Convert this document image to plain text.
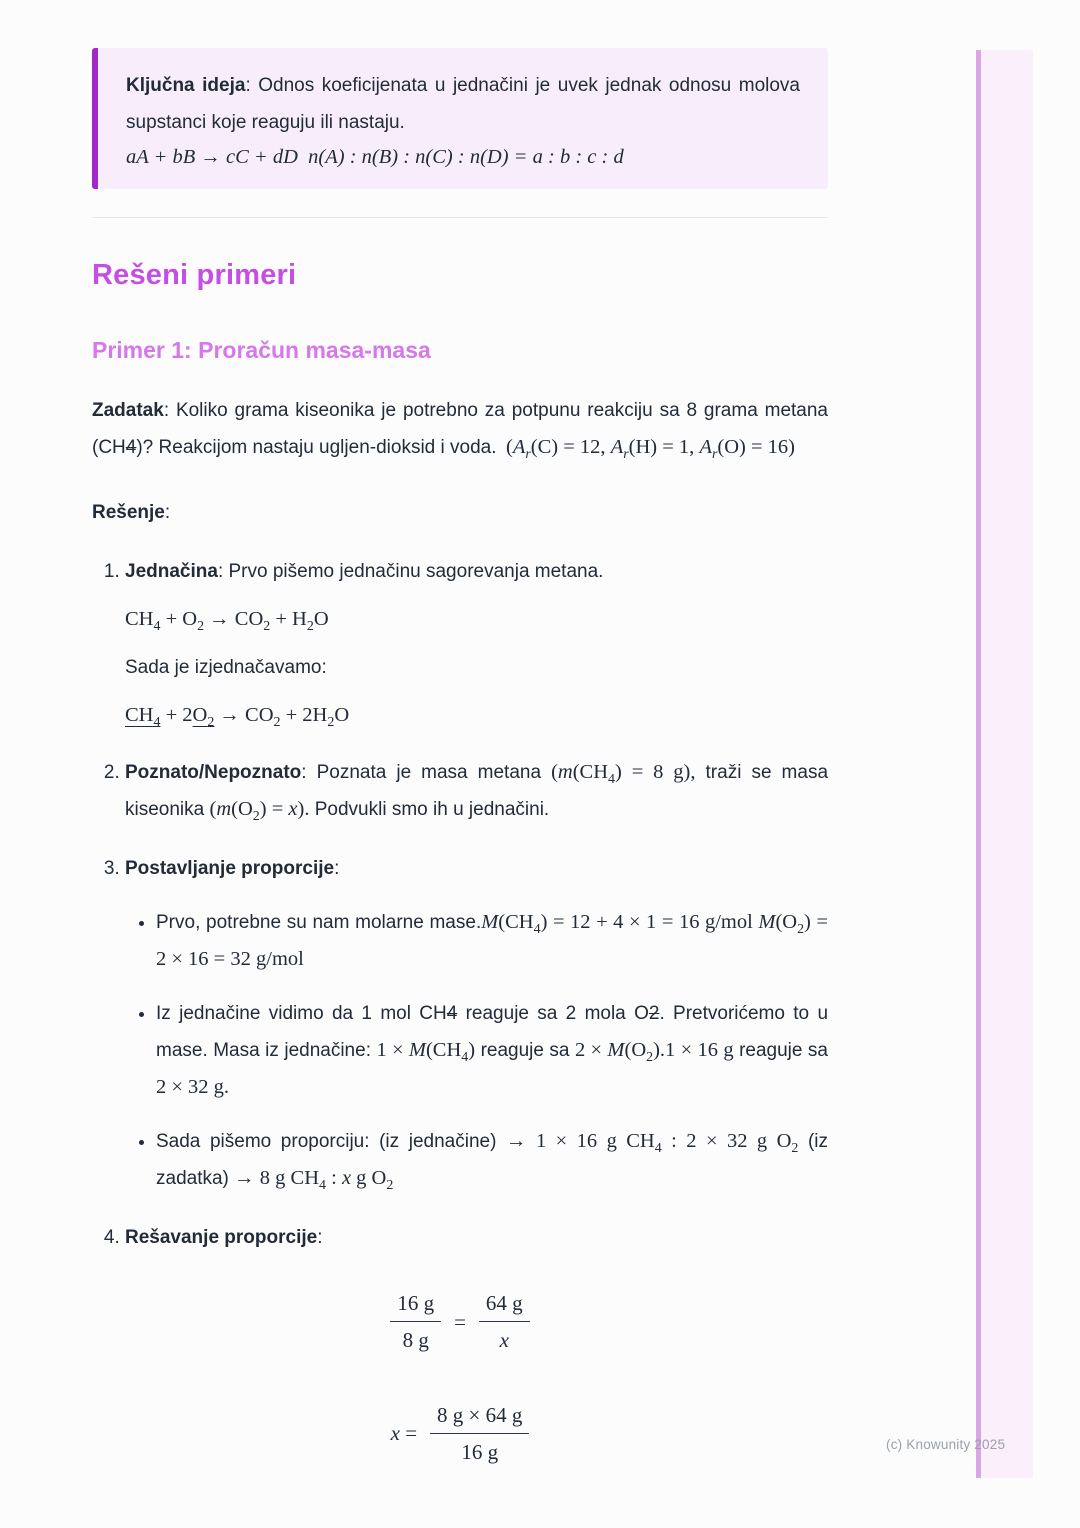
(c) Knowunity 2025

Ključna ideja: Odnos koeficijenata u jednačini je uvek jednak odnosu molova supstanci koje reaguju ili nastaju.

aA + bB → cC + dD n(A) : n(B) : n(C) : n(D) = a : b : c : d

Rešeni primeri
Primer 1: Proračun masa-masa

Zadatak: Koliko grama kiseonika je potrebno za potpunu reakciju sa 8 grama metana (CH4)? Reakcijom nastaju ugljen-dioksid i voda. ($A_r(C) = 12$, $A_r(H) = 1$, $A_r(O) = 16$)

Rešenje:

1. Jednačina: Prvo pišemo jednačinu sagorevanja metana.

$CH_4 + O_2 \to CO_2 + H_2O$

Sada je izjednačavamo:

$CH_4 + 2O_2 \to CO_2 + 2H_2O$

2. Poznato/Nepoznato: Poznata je masa metana ($m(CH_4) = 8$ g), traži se masa kiseonika $(m(O_2) = x)$. Podvukli smo ih u jednačini.

3. Postavljanje proporcije:

• Prvo, potrebne su nam molarne $mase.M(CH_4) = 12 + 4 \times 1 = 16$ g/mol $M(O_2) = 2 \times 16 = 32$ g/mol

• Iz jednačine vidimo da 1 mol CH4 reaguje sa 2 mola O2. Pretvorićemo to u mase. Masa iz jednačine: $1 \times M(CH_4)$ reaguje sa $2 \times M(O_2).1 \times 16$ g reaguje sa 2 × 32 g.

• Sada pišemo proporciju: (iz jednačine) → 1 × 16 g $CH_4$ : 2 × 32 g $O_2$ (iz zadatka) → 8 g $CH_4$ : x g $O_2$

4. Rešavanje proporcije:

$\frac{16 g}{8 g} = \frac{64 g}{x}$
$x = \frac{8 g \times 64 g}{16 g}$
